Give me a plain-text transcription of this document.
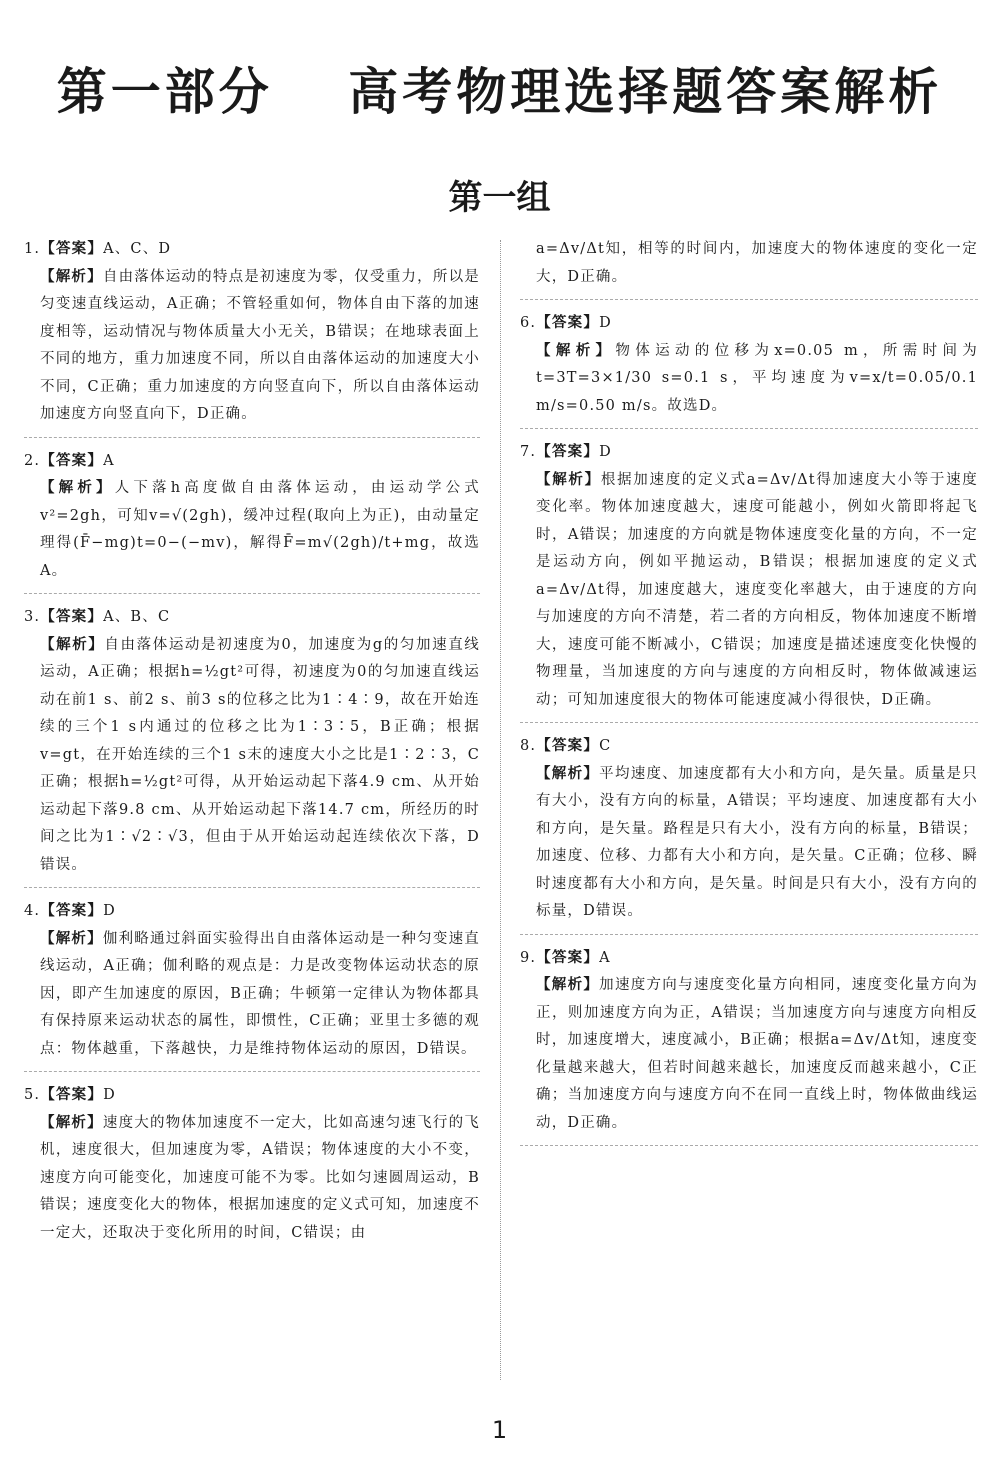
第一部分　 高考物理选择题答案解析
第一组

1.【答案】A、C、D

【解析】自由落体运动的特点是初速度为零，仅受重力，所以是匀变速直线运动，A正确；不管轻重如何，物体自由下落的加速度相等，运动情况与物体质量大小无关，B错误；在地球表面上不同的地方，重力加速度不同，所以自由落体运动的加速度大小不同，C正确；重力加速度的方向竖直向下，所以自由落体运动加速度方向竖直向下，D正确。

2.【答案】A

【解析】人下落h高度做自由落体运动，由运动学公式v²=2gh，可知v=√(2gh)，缓冲过程(取向上为正)，由动量定理得(F̄−mg)t=0−(−mv)，解得F̄=m√(2gh)/t+mg，故选A。

3.【答案】A、B、C

【解析】自由落体运动是初速度为0，加速度为g的匀加速直线运动，A正确；根据h=½gt²可得，初速度为0的匀加速直线运动在前1 s、前2 s、前3 s的位移之比为1∶4∶9，故在开始连续的三个1 s内通过的位移之比为1∶3∶5，B正确；根据v=gt，在开始连续的三个1 s末的速度大小之比是1∶2∶3，C正确；根据h=½gt²可得，从开始运动起下落4.9 cm、从开始运动起下落9.8 cm、从开始运动起下落14.7 cm，所经历的时间之比为1∶√2∶√3，但由于从开始运动起连续依次下落，D错误。

4.【答案】D

【解析】伽利略通过斜面实验得出自由落体运动是一种匀变速直线运动，A正确；伽利略的观点是：力是改变物体运动状态的原因，即产生加速度的原因，B正确；牛顿第一定律认为物体都具有保持原来运动状态的属性，即惯性，C正确；亚里士多德的观点：物体越重，下落越快，力是维持物体运动的原因，D错误。

5.【答案】D

【解析】速度大的物体加速度不一定大，比如高速匀速飞行的飞机，速度很大，但加速度为零，A错误；物体速度的大小不变，速度方向可能变化，加速度可能不为零。比如匀速圆周运动，B错误；速度变化大的物体，根据加速度的定义式可知，加速度不一定大，还取决于变化所用的时间，C错误；由

a=Δv/Δt知，相等的时间内，加速度大的物体速度的变化一定大，D正确。

6.【答案】D

【解析】物体运动的位移为x=0.05 m，所需时间为t=3T=3×1/30 s=0.1 s，平均速度为v=x/t=0.05/0.1 m/s=0.50 m/s。故选D。

7.【答案】D

【解析】根据加速度的定义式a=Δv/Δt得加速度大小等于速度变化率。物体加速度越大，速度可能越小，例如火箭即将起飞时，A错误；加速度的方向就是物体速度变化量的方向，不一定是运动方向，例如平抛运动，B错误；根据加速度的定义式a=Δv/Δt得，加速度越大，速度变化率越大，由于速度的方向与加速度的方向不清楚，若二者的方向相反，物体加速度不断增大，速度可能不断减小，C错误；加速度是描述速度变化快慢的物理量，当加速度的方向与速度的方向相反时，物体做减速运动；可知加速度很大的物体可能速度减小得很快，D正确。

8.【答案】C

【解析】平均速度、加速度都有大小和方向，是矢量。质量是只有大小，没有方向的标量，A错误；平均速度、加速度都有大小和方向，是矢量。路程是只有大小，没有方向的标量，B错误；加速度、位移、力都有大小和方向，是矢量。C正确；位移、瞬时速度都有大小和方向，是矢量。时间是只有大小，没有方向的标量，D错误。

9.【答案】A

【解析】加速度方向与速度变化量方向相同，速度变化量方向为正，则加速度方向为正，A错误；当加速度方向与速度方向相反时，加速度增大，速度减小，B正确；根据a=Δv/Δt知，速度变化量越来越大，但若时间越来越长，加速度反而越来越小，C正确；当加速度方向与速度方向不在同一直线上时，物体做曲线运动，D正确。

1
